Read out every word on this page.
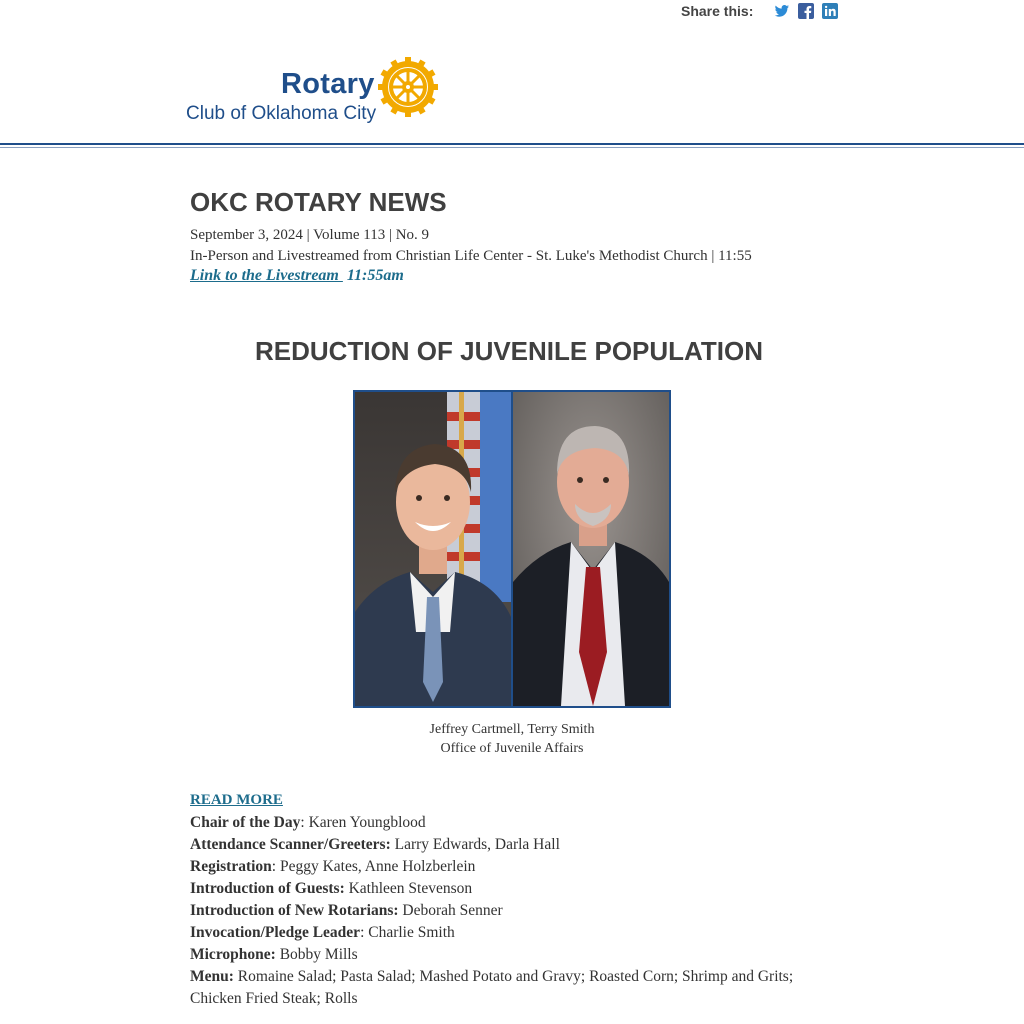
Share this:
Rotary
Club of Oklahoma City
OKC ROTARY NEWS
September 3, 2024 | Volume 113 | No. 9
In-Person and Livestreamed from Christian Life Center - St. Luke's Methodist Church | 11:55
Link to the Livestream 11:55am
REDUCTION OF JUVENILE POPULATION
Jeffrey Cartmell, Terry Smith
Office of Juvenile Affairs
READ MORE

Chair of the Day: Karen Youngblood

Attendance Scanner/Greeters: Larry Edwards, Darla Hall

Registration: Peggy Kates, Anne Holzberlein

Introduction of Guests: Kathleen Stevenson

Introduction of New Rotarians: Deborah Senner

Invocation/Pledge Leader: Charlie Smith

Microphone: Bobby Mills

Menu: Romaine Salad; Pasta Salad; Mashed Potato and Gravy; Roasted Corn; Shrimp and Grits; Chicken Fried Steak; Rolls
